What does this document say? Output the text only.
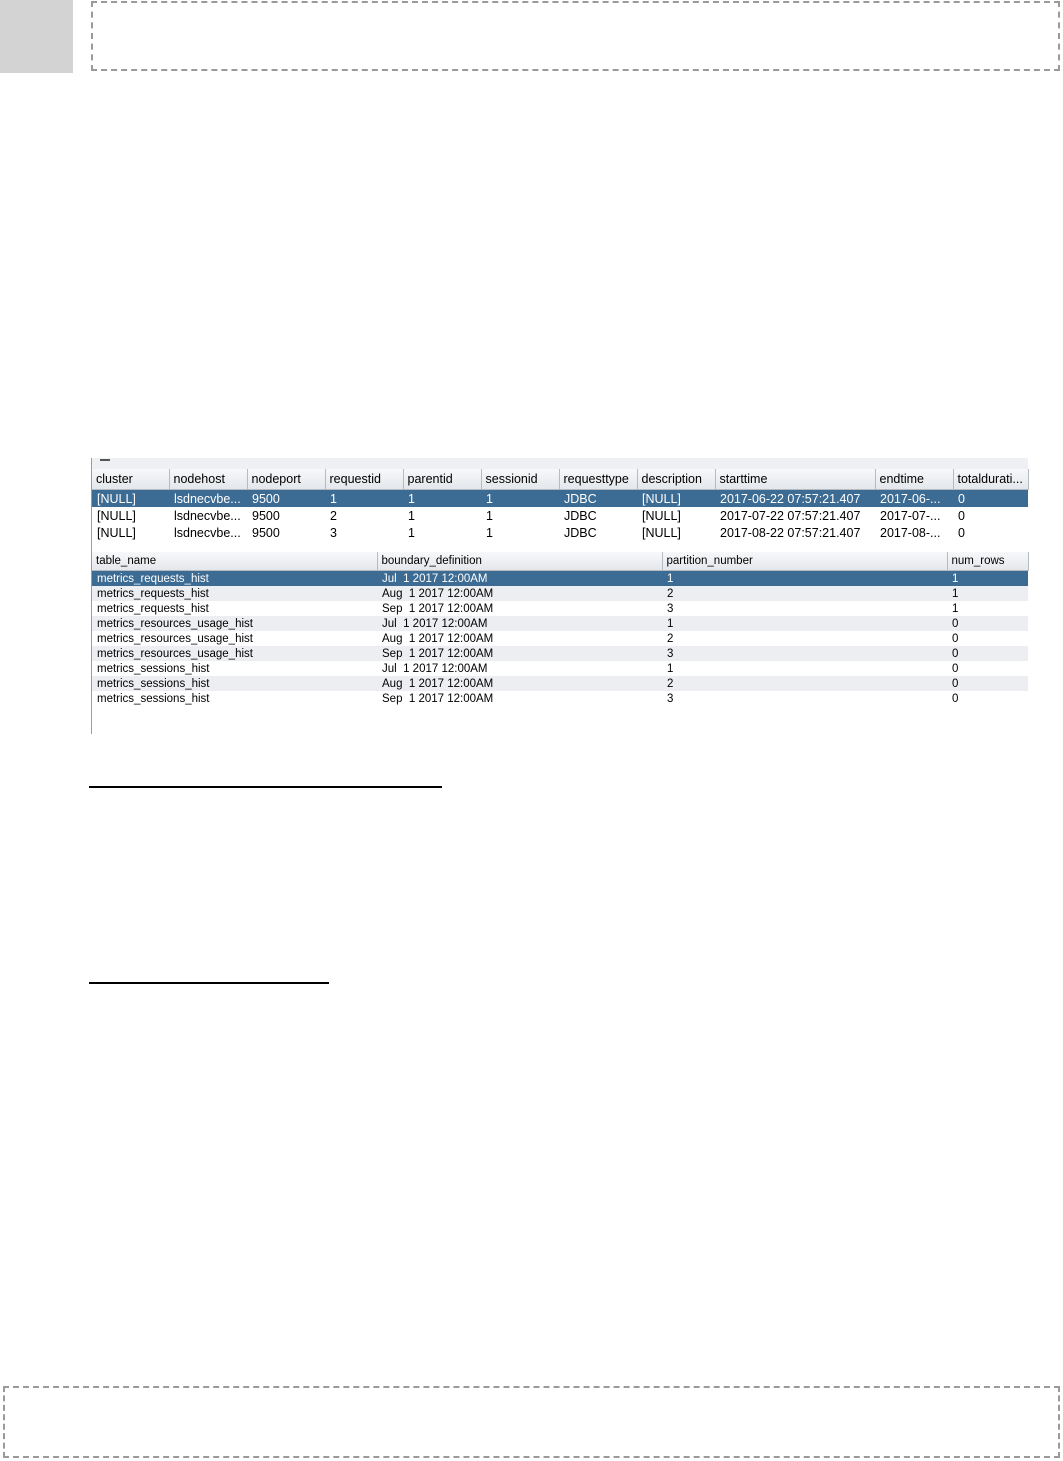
cluster	nodehost	nodeport	requestid	parentid	sessionid	requesttype	description	starttime	endtime	totaldurati...
[NULL]	lsdnecvbe...	9500	1	1	1	JDBC	[NULL]	2017-06-22 07:57:21.407	2017-06-...	0
[NULL]	lsdnecvbe...	9500	2	1	1	JDBC	[NULL]	2017-07-22 07:57:21.407	2017-07-...	0
[NULL]	lsdnecvbe...	9500	3	1	1	JDBC	[NULL]	2017-08-22 07:57:21.407	2017-08-...	0
table_name	boundary_definition	partition_number	num_rows
metrics_requests_hist	Jul  1 2017 12:00AM	1	1
metrics_requests_hist	Aug  1 2017 12:00AM	2	1
metrics_requests_hist	Sep  1 2017 12:00AM	3	1
metrics_resources_usage_hist	Jul  1 2017 12:00AM	1	0
metrics_resources_usage_hist	Aug  1 2017 12:00AM	2	0
metrics_resources_usage_hist	Sep  1 2017 12:00AM	3	0
metrics_sessions_hist	Jul  1 2017 12:00AM	1	0
metrics_sessions_hist	Aug  1 2017 12:00AM	2	0
metrics_sessions_hist	Sep  1 2017 12:00AM	3	0
